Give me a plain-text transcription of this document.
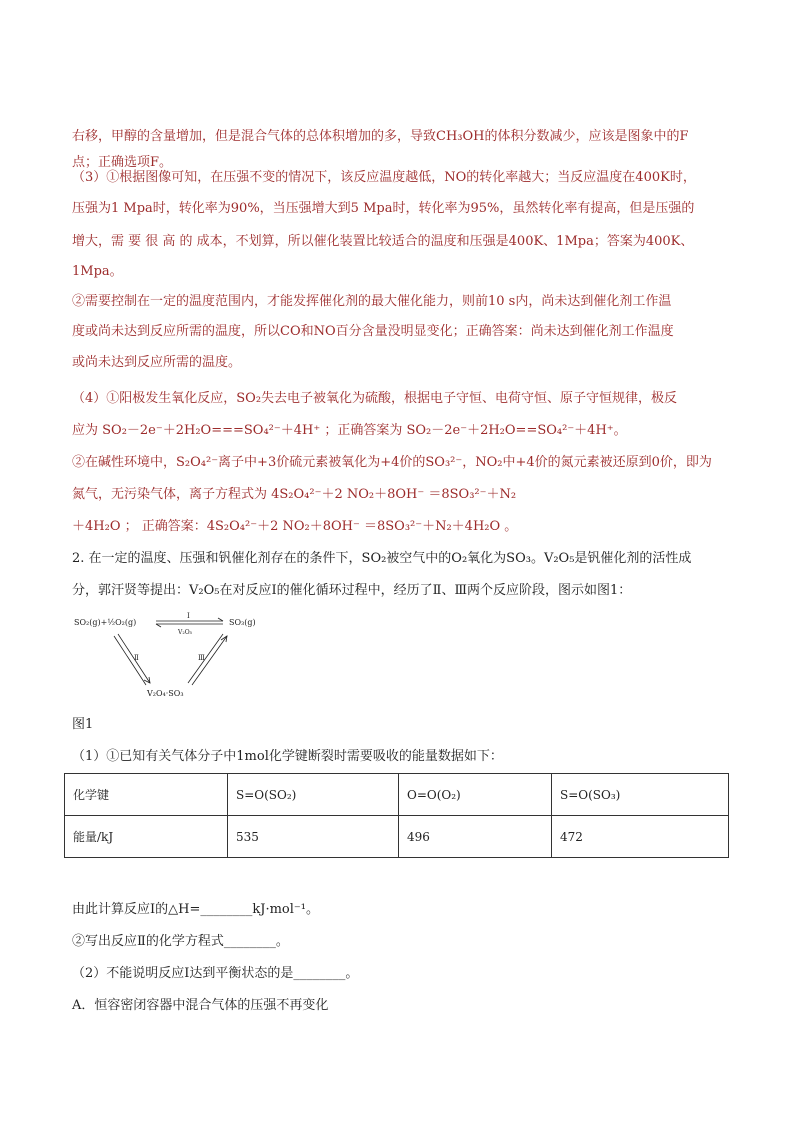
右移，甲醇的含量增加，但是混合气体的总体积增加的多，导致CH₃OH的体积分数减少，应该是图象中的F
点；正确选项F。
（3）①根据图像可知，在压强不变的情况下，该反应温度越低，NO的转化率越大；当反应温度在400K时，
压强为1 Mpa时，转化率为90%，当压强增大到5 Mpa时，转化率为95%，虽然转化率有提高，但是压强的
增大，需 要 很 高 的 成本，不划算，所以催化装置比较适合的温度和压强是400K、1Mpa；答案为400K、
1Mpa。
②需要控制在一定的温度范围内，才能发挥催化剂的最大催化能力，则前10 s内，尚未达到催化剂工作温
度或尚未达到反应所需的温度，所以CO和NO百分含量没明显变化；正确答案：尚未达到催化剂工作温度
或尚未达到反应所需的温度。
（4）①阳极发生氧化反应，SO₂失去电子被氧化为硫酸，根据电子守恒、电荷守恒、原子守恒规律，极反
应为 SO₂－2e⁻＋2H₂O===SO₄²⁻＋4H⁺ ；正确答案为 SO₂－2e⁻＋2H₂O==SO₄²⁻＋4H⁺。
②在碱性环境中，S₂O₄²⁻离子中+3价硫元素被氧化为+4价的SO₃²⁻，NO₂中+4价的氮元素被还原到0价，即为
氮气，无污染气体，离子方程式为 4S₂O₄²⁻＋2 NO₂＋8OH⁻ ＝8SO₃²⁻＋N₂
＋4H₂O ； 正确答案：4S₂O₄²⁻＋2 NO₂＋8OH⁻ ＝8SO₃²⁻＋N₂＋4H₂O 。
2. 在一定的温度、压强和钒催化剂存在的条件下，SO₂被空气中的O₂氧化为SO₃。V₂O₅是钒催化剂的活性成
分，郭汗贤等提出：V₂O₅在对反应Ⅰ的催化循环过程中，经历了Ⅱ、Ⅲ两个反应阶段，图示如图1：
SO₂(g)+½O₂(g)	SO₃(g)
V₂O₄·SO₃
Ⅰ
V₂O₅
Ⅱ	Ⅲ
图1
（1）①已知有关气体分子中1mol化学键断裂时需要吸收的能量数据如下：
化学键	S=O(SO₂)	O=O(O₂)	S=O(SO₃)
能量/kJ	535	496	472
由此计算反应Ⅰ的△H=________kJ·mol⁻¹。
②写出反应Ⅱ的化学方程式________。
（2）不能说明反应Ⅰ达到平衡状态的是________。
A．恒容密闭容器中混合气体的压强不再变化
